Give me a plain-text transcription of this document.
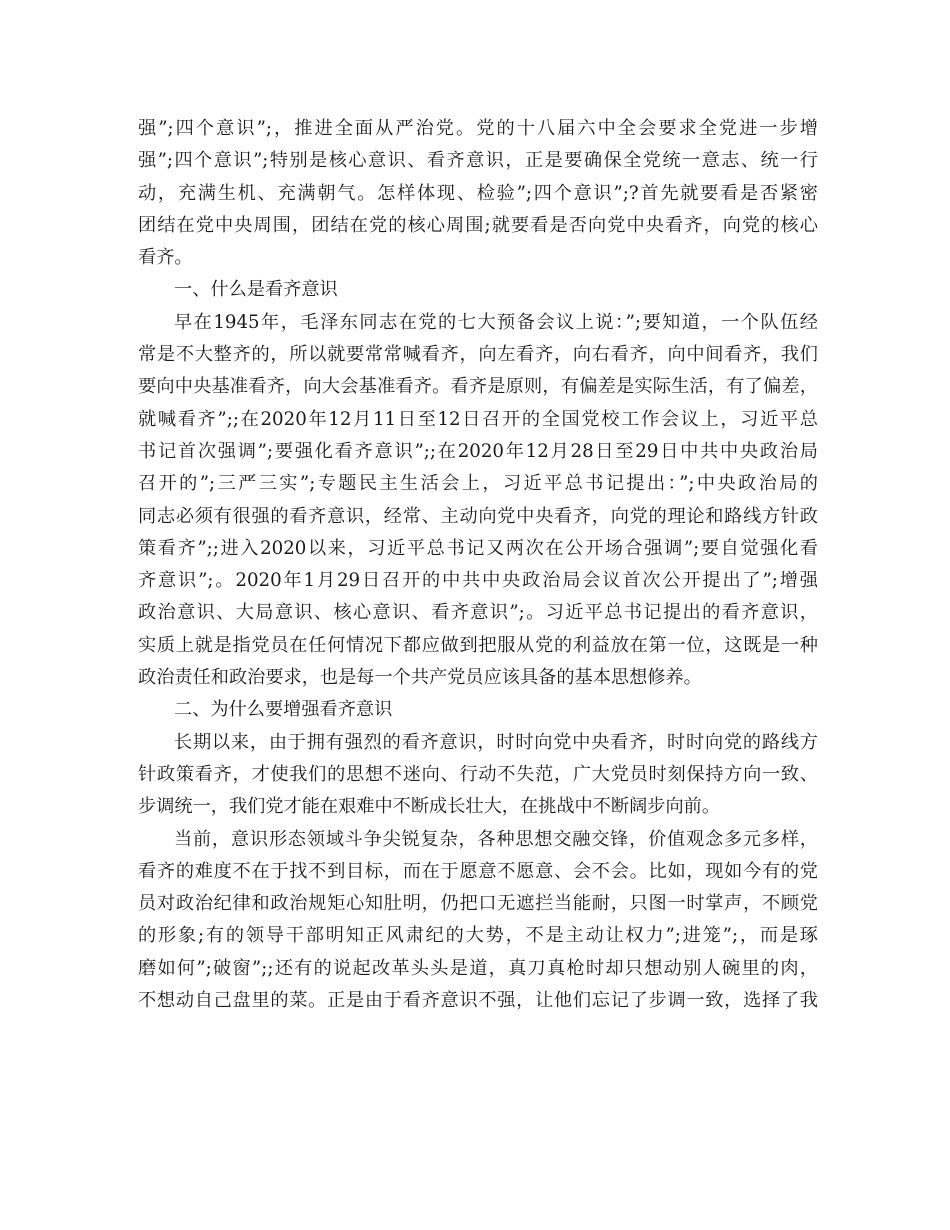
强”;四个意识”;，推进全面从严治党。党的十八届六中全会要求全党进一步增
强”;四个意识”;特别是核心意识、看齐意识，正是要确保全党统一意志、统一行
动，充满生机、充满朝气。怎样体现、检验”;四个意识”;?首先就要看是否紧密
团结在党中央周围，团结在党的核心周围;就要看是否向党中央看齐，向党的核心
看齐。
一、什么是看齐意识
早在1945年，毛泽东同志在党的七大预备会议上说：”;要知道，一个队伍经
常是不大整齐的，所以就要常常喊看齐，向左看齐，向右看齐，向中间看齐，我们
要向中央基准看齐，向大会基准看齐。看齐是原则，有偏差是实际生活，有了偏差，
就喊看齐”;;在2020年12月11日至12日召开的全国党校工作会议上，习近平总
书记首次强调”;要强化看齐意识”;;在2020年12月28日至29日中共中央政治局
召开的”;三严三实”;专题民主生活会上，习近平总书记提出：”;中央政治局的
同志必须有很强的看齐意识，经常、主动向党中央看齐，向党的理论和路线方针政
策看齐”;;进入2020以来，习近平总书记又两次在公开场合强调”;要自觉强化看
齐意识”;。2020年1月29日召开的中共中央政治局会议首次公开提出了”;增强
政治意识、大局意识、核心意识、看齐意识”;。习近平总书记提出的看齐意识，
实质上就是指党员在任何情况下都应做到把服从党的利益放在第一位，这既是一种
政治责任和政治要求，也是每一个共产党员应该具备的基本思想修养。
二、为什么要增强看齐意识
长期以来，由于拥有强烈的看齐意识，时时向党中央看齐，时时向党的路线方
针政策看齐，才使我们的思想不迷向、行动不失范，广大党员时刻保持方向一致、
步调统一，我们党才能在艰难中不断成长壮大，在挑战中不断阔步向前。
当前，意识形态领域斗争尖锐复杂，各种思想交融交锋，价值观念多元多样，
看齐的难度不在于找不到目标，而在于愿意不愿意、会不会。比如，现如今有的党
员对政治纪律和政治规矩心知肚明，仍把口无遮拦当能耐，只图一时掌声，不顾党
的形象;有的领导干部明知正风肃纪的大势，不是主动让权力”;进笼”;，而是琢
磨如何”;破窗”;;还有的说起改革头头是道，真刀真枪时却只想动别人碗里的肉，
不想动自己盘里的菜。正是由于看齐意识不强，让他们忘记了步调一致，选择了我
